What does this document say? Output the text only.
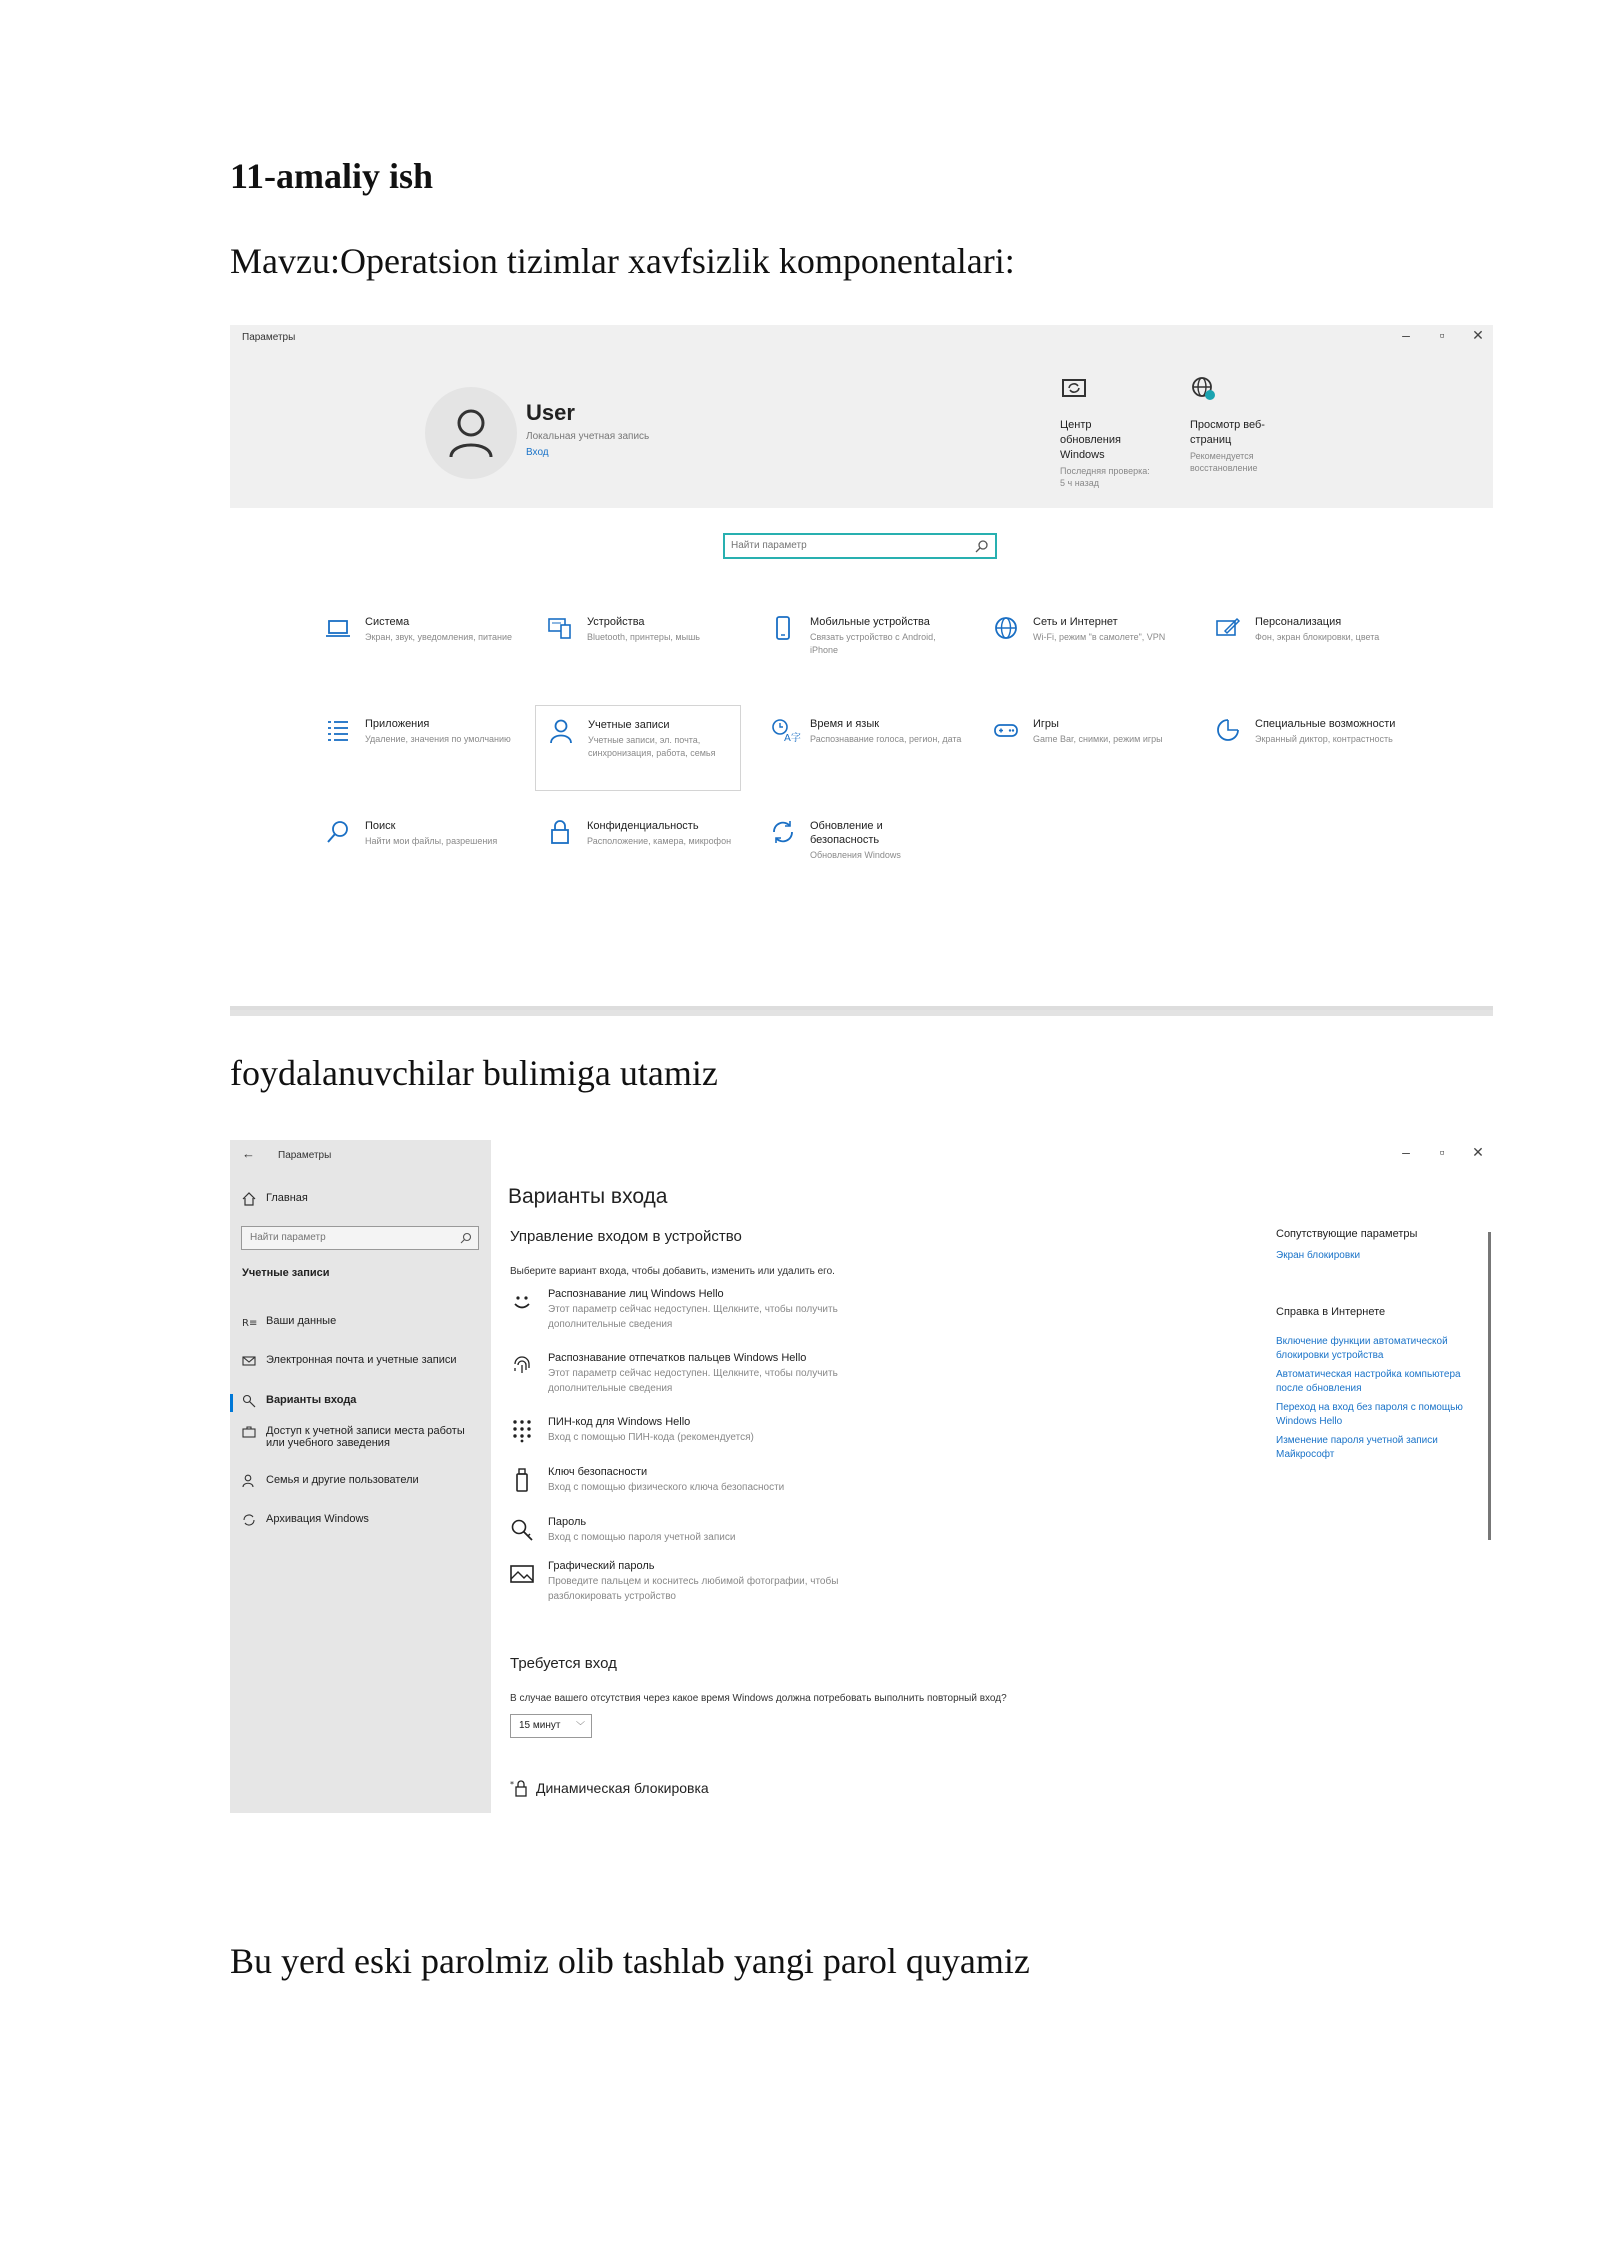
11-amaliy ish

Mavzu:Operatsion tizimlar xavfsizlik komponentalari:

Параметры	–	▫	✕
User
Локальная учетная запись
Вход
Центр обновления Windows
Последняя проверка: 5 ч назад
Просмотр веб-страниц
Рекомендуется восстановление
Найти параметр
Система
Экран, звук, уведомления, питание
Устройства
Bluetooth, принтеры, мышь
Мобильные устройства
Связать устройство с Android, iPhone
Сеть и Интернет
Wi-Fi, режим "в самолете", VPN
Персонализация
Фон, экран блокировки, цвета
Приложения
Удаление, значения по умолчанию
Учетные записи
Учетные записи, эл. почта, синхронизация, работа, семья
A字
Время и язык
Распознавание голоса, регион, дата
Игры
Game Bar, снимки, режим игры
Специальные возможности
Экранный диктор, контрастность
Поиск
Найти мои файлы, разрешения
Конфиденциальность
Расположение, камера, микрофон
Обновление и безопасность
Обновления Windows

foydalanuvchilar bulimiga utamiz

← Параметры
Главная
Найти параметр
Учетные записи
R≡ Ваши данные
Электронная почта и учетные записи
Варианты входа
Доступ к учетной записи места работы или учебного заведения
Семья и другие пользователи
Архивация Windows
–	▫	✕
Варианты входа
Управление входом в устройство
Выберите вариант входа, чтобы добавить, изменить или удалить его.
Распознавание лиц Windows Hello
Этот параметр сейчас недоступен. Щелкните, чтобы получить дополнительные сведения
Распознавание отпечатков пальцев Windows Hello
Этот параметр сейчас недоступен. Щелкните, чтобы получить дополнительные сведения
ПИН-код для Windows Hello
Вход с помощью ПИН-кода (рекомендуется)
Ключ безопасности
Вход с помощью физического ключа безопасности
Пароль
Вход с помощью пароля учетной записи
Графический пароль
Проведите пальцем и коснитесь любимой фотографии, чтобы разблокировать устройство
Требуется вход
В случае вашего отсутствия через какое время Windows должна потребовать выполнить повторный вход?
15 минут ﹀
* Динамическая блокировка
Сопутствующие параметры
Экран блокировки
Справка в Интернете
Включение функции автоматической блокировки устройства
Автоматическая настройка компьютера после обновления
Переход на вход без пароля с помощью Windows Hello
Изменение пароля учетной записи Майкрософт

Bu yerd eski parolmiz olib tashlab yangi parol quyamiz
